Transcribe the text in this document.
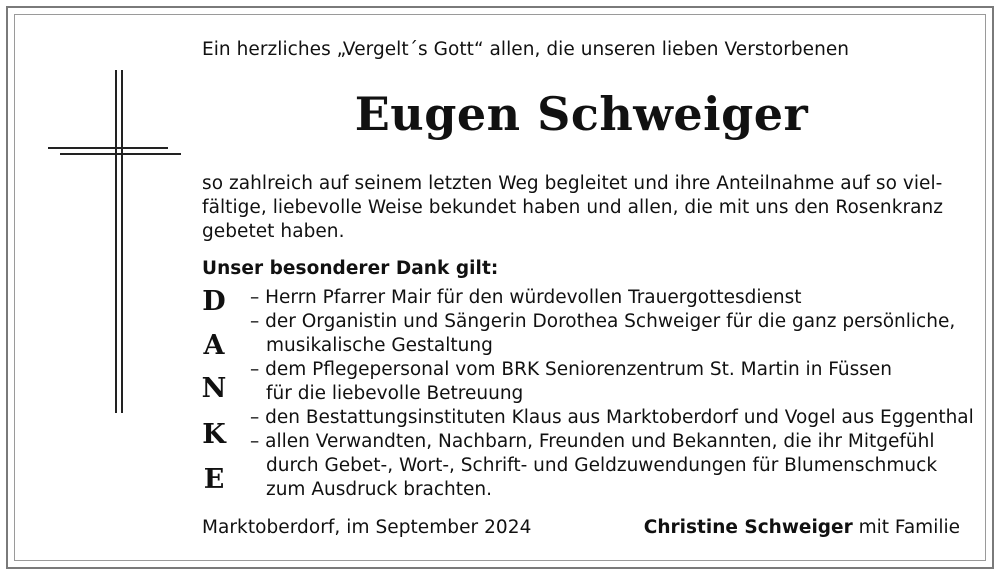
Ein herzliches „Vergelt´s Gott“ allen, die unseren lieben Verstorbenen
Eugen Schweiger
so zahlreich auf seinem letzten Weg begleitet und ihre Anteilnahme auf so viel-
fältige, liebevolle Weise bekundet haben und allen, die mit uns den Rosenkranz
gebetet haben.
Unser besonderer Dank gilt:
D
A
N
K
E
– Herrn Pfarrer Mair für den würdevollen Trauergottesdienst
– der Organistin und Sängerin Dorothea Schweiger für die ganz persönliche,
musikalische Gestaltung
– dem Pflegepersonal vom BRK Seniorenzentrum St. Martin in Füssen
für die liebevolle Betreuung
– den Bestattungsinstituten Klaus aus Marktoberdorf und Vogel aus Eggenthal
– allen Verwandten, Nachbarn, Freunden und Bekannten, die ihr Mitgefühl
durch Gebet-, Wort-, Schrift- und Geldzuwendungen für Blumenschmuck
zum Ausdruck brachten.
Marktoberdorf, im September 2024	Christine Schweiger mit Familie
